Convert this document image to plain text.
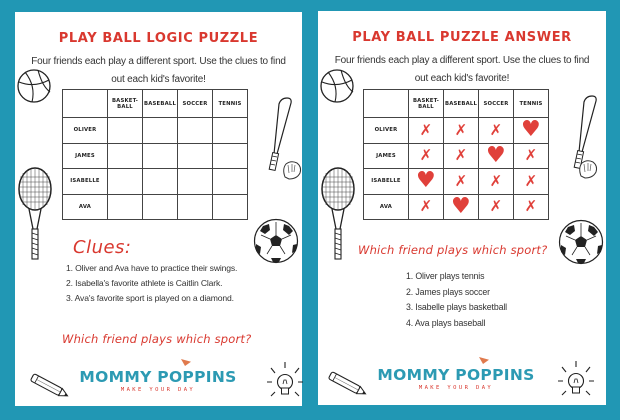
PLAY BALL LOGIC PUZZLE
Four friends each play a different sport. Use the clues to find
out each kid's favorite!
	BASKET-
BALL	BASEBALL	SOCCER	TENNIS
OLIVER				
JAMES				
ISABELLE				
AVA				
Clues:
1. Oliver and Ava have to practice their swings.
2. Isabella's favorite athlete is Caitlin Clark.
3. Ava's favorite sport is played on a diamond.
Which friend plays which sport?
MOMMY POPPINS
MAKE YOUR DAY
PLAY BALL PUZZLE ANSWER
Four friends each play a different sport. Use the clues to find
out each kid's favorite!
	BASKET-
BALL	BASEBALL	SOCCER	TENNIS
OLIVER	✗	✗	✗	♥
JAMES	✗	✗	♥	✗
ISABELLE	♥	✗	✗	✗
AVA	✗	♥	✗	✗
Which friend plays which sport?
1. Oliver plays tennis
2. James plays soccer
3. Isabelle plays basketball
4. Ava plays baseball
MOMMY POPPINS
MAKE YOUR DAY
